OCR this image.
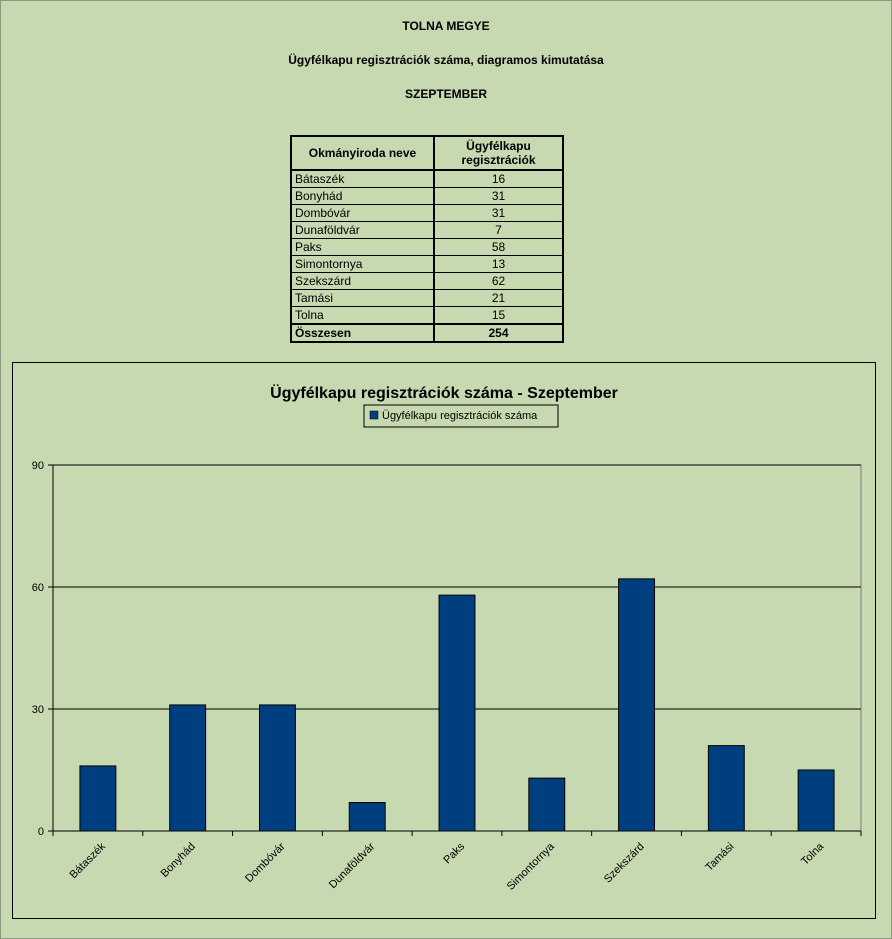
TOLNA MEGYE
Ügyfélkapu regisztrációk száma, diagramos kimutatása
SZEPTEMBER
Okmányiroda neve	Ügyfélkapu regisztrációk
Bátaszék	16
Bonyhád	31
Dombóvár	31
Dunaföldvár	7
Paks	58
Simontornya	13
Szekszárd	62
Tamási	21
Tolna	15
Összesen	254
Ügyfélkapu regisztrációk száma - Szeptember
Ügyfélkapu regisztrációk száma
0
30
60
90
Bátaszék	Bonyhád	Dombóvár	Dunaföldvár	Paks	Simontornya	Szekszárd	Tamási	Tolna
